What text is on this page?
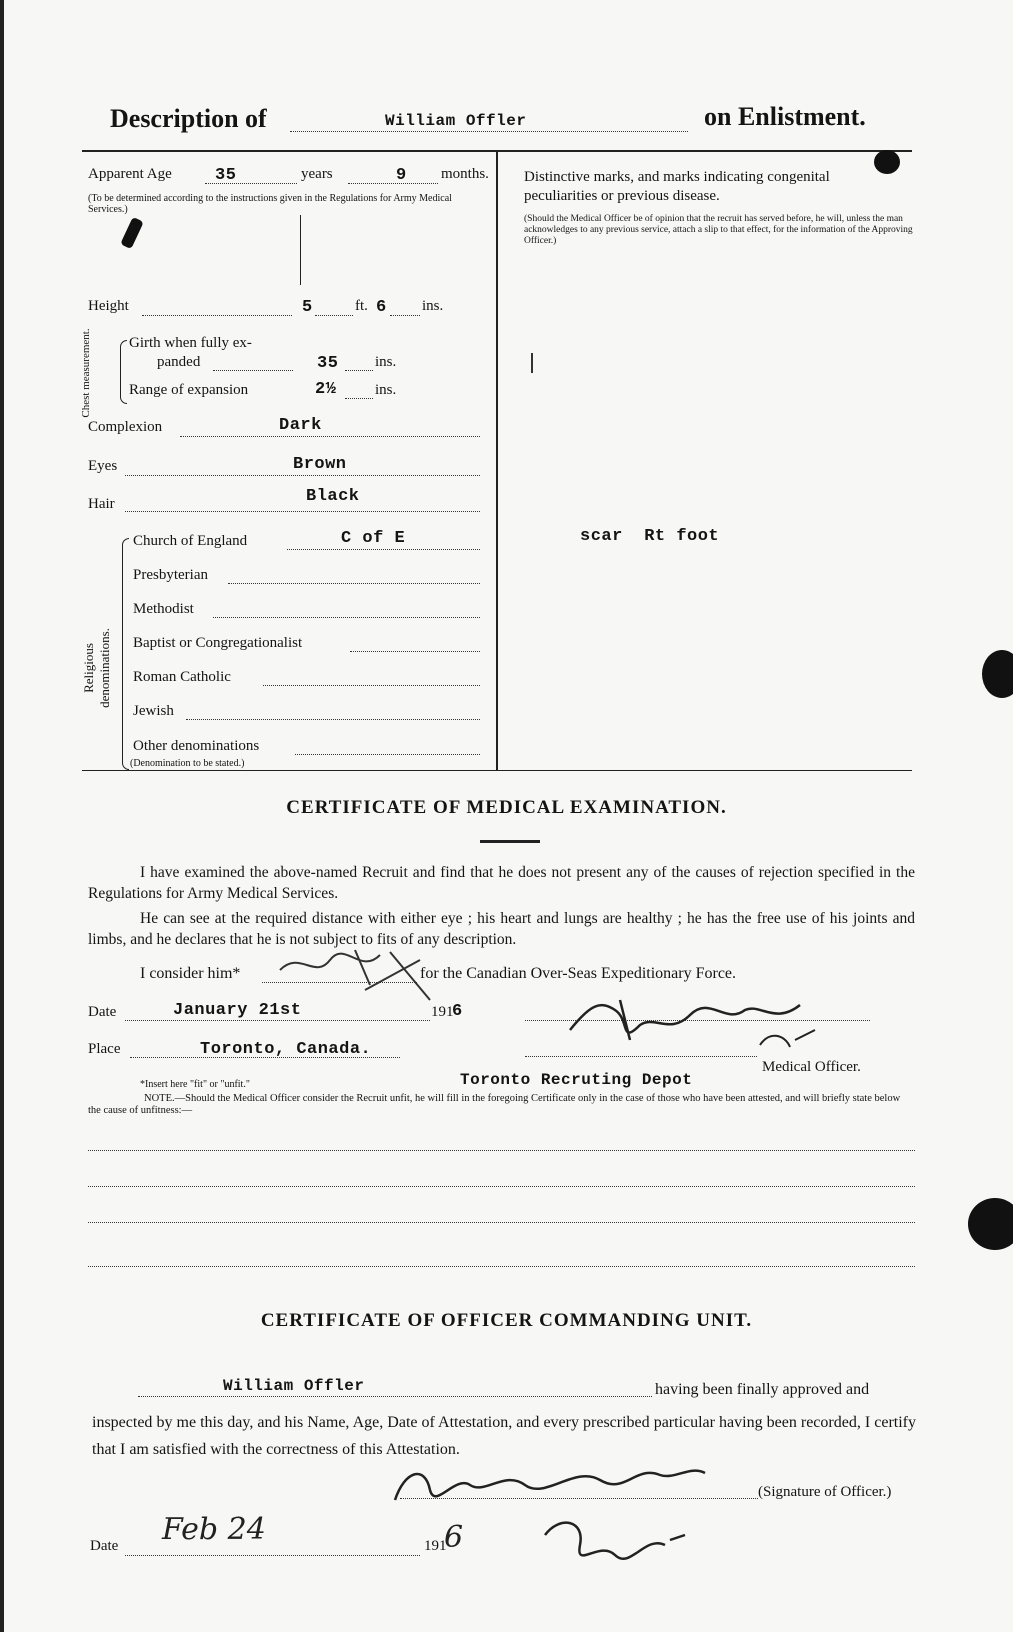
Description of	William Offler	on Enlistment.
Apparent Age	35	years	9 months.
(To be determined according to the instructions given in the Regulations for Army Medical Services.)
Height	5	ft. 6 ins.
Chest measurement.	Girth when fully ex-
panded	35 ins.
Range of expansion	2½	ins.
Complexion	Dark
Eyes	Brown
Hair	Black
Religious denominations.
Church of England	C of E
Presbyterian
Methodist
Baptist or Congregationalist
Roman Catholic
Jewish
Other denominations
(Denomination to be stated.)
Distinctive marks, and marks indicating congenital
peculiarities or previous disease.
(Should the Medical Officer be of opinion that the recruit has served before, he will, unless the man acknowledges to any previous service, attach a slip to that effect, for the information of the Approving Officer.)
scar  Rt foot
CERTIFICATE OF MEDICAL EXAMINATION.
I have examined the above-named Recruit and find that he does not present any of the causes of rejection specified in the Regulations for Army Medical Services.
He can see at the required distance with either eye ; his heart and lungs are healthy ; he has the free use of his joints and limbs, and he declares that he is not subject to fits of any description.
I consider him*	for the Canadian Over-Seas Expeditionary Force.
Date	January 21st	191
6
Place	Toronto, Canada.
*Insert here "fit" or "unfit."	Toronto Recruting Depot
Medical Officer.
NOTE.—Should the Medical Officer consider the Recruit unfit, he will fill in the foregoing Certificate only in the case of those who have been attested, and will briefly state below the cause of unfitness:—
CERTIFICATE OF OFFICER COMMANDING UNIT.
William Offler	having been finally approved and
inspected by me this day, and his Name, Age, Date of Attestation, and every prescribed particular having been recorded, I certify that I am satisfied with the correctness of this Attestation.
(Signature of Officer.)
Date Feb 24	191
6
